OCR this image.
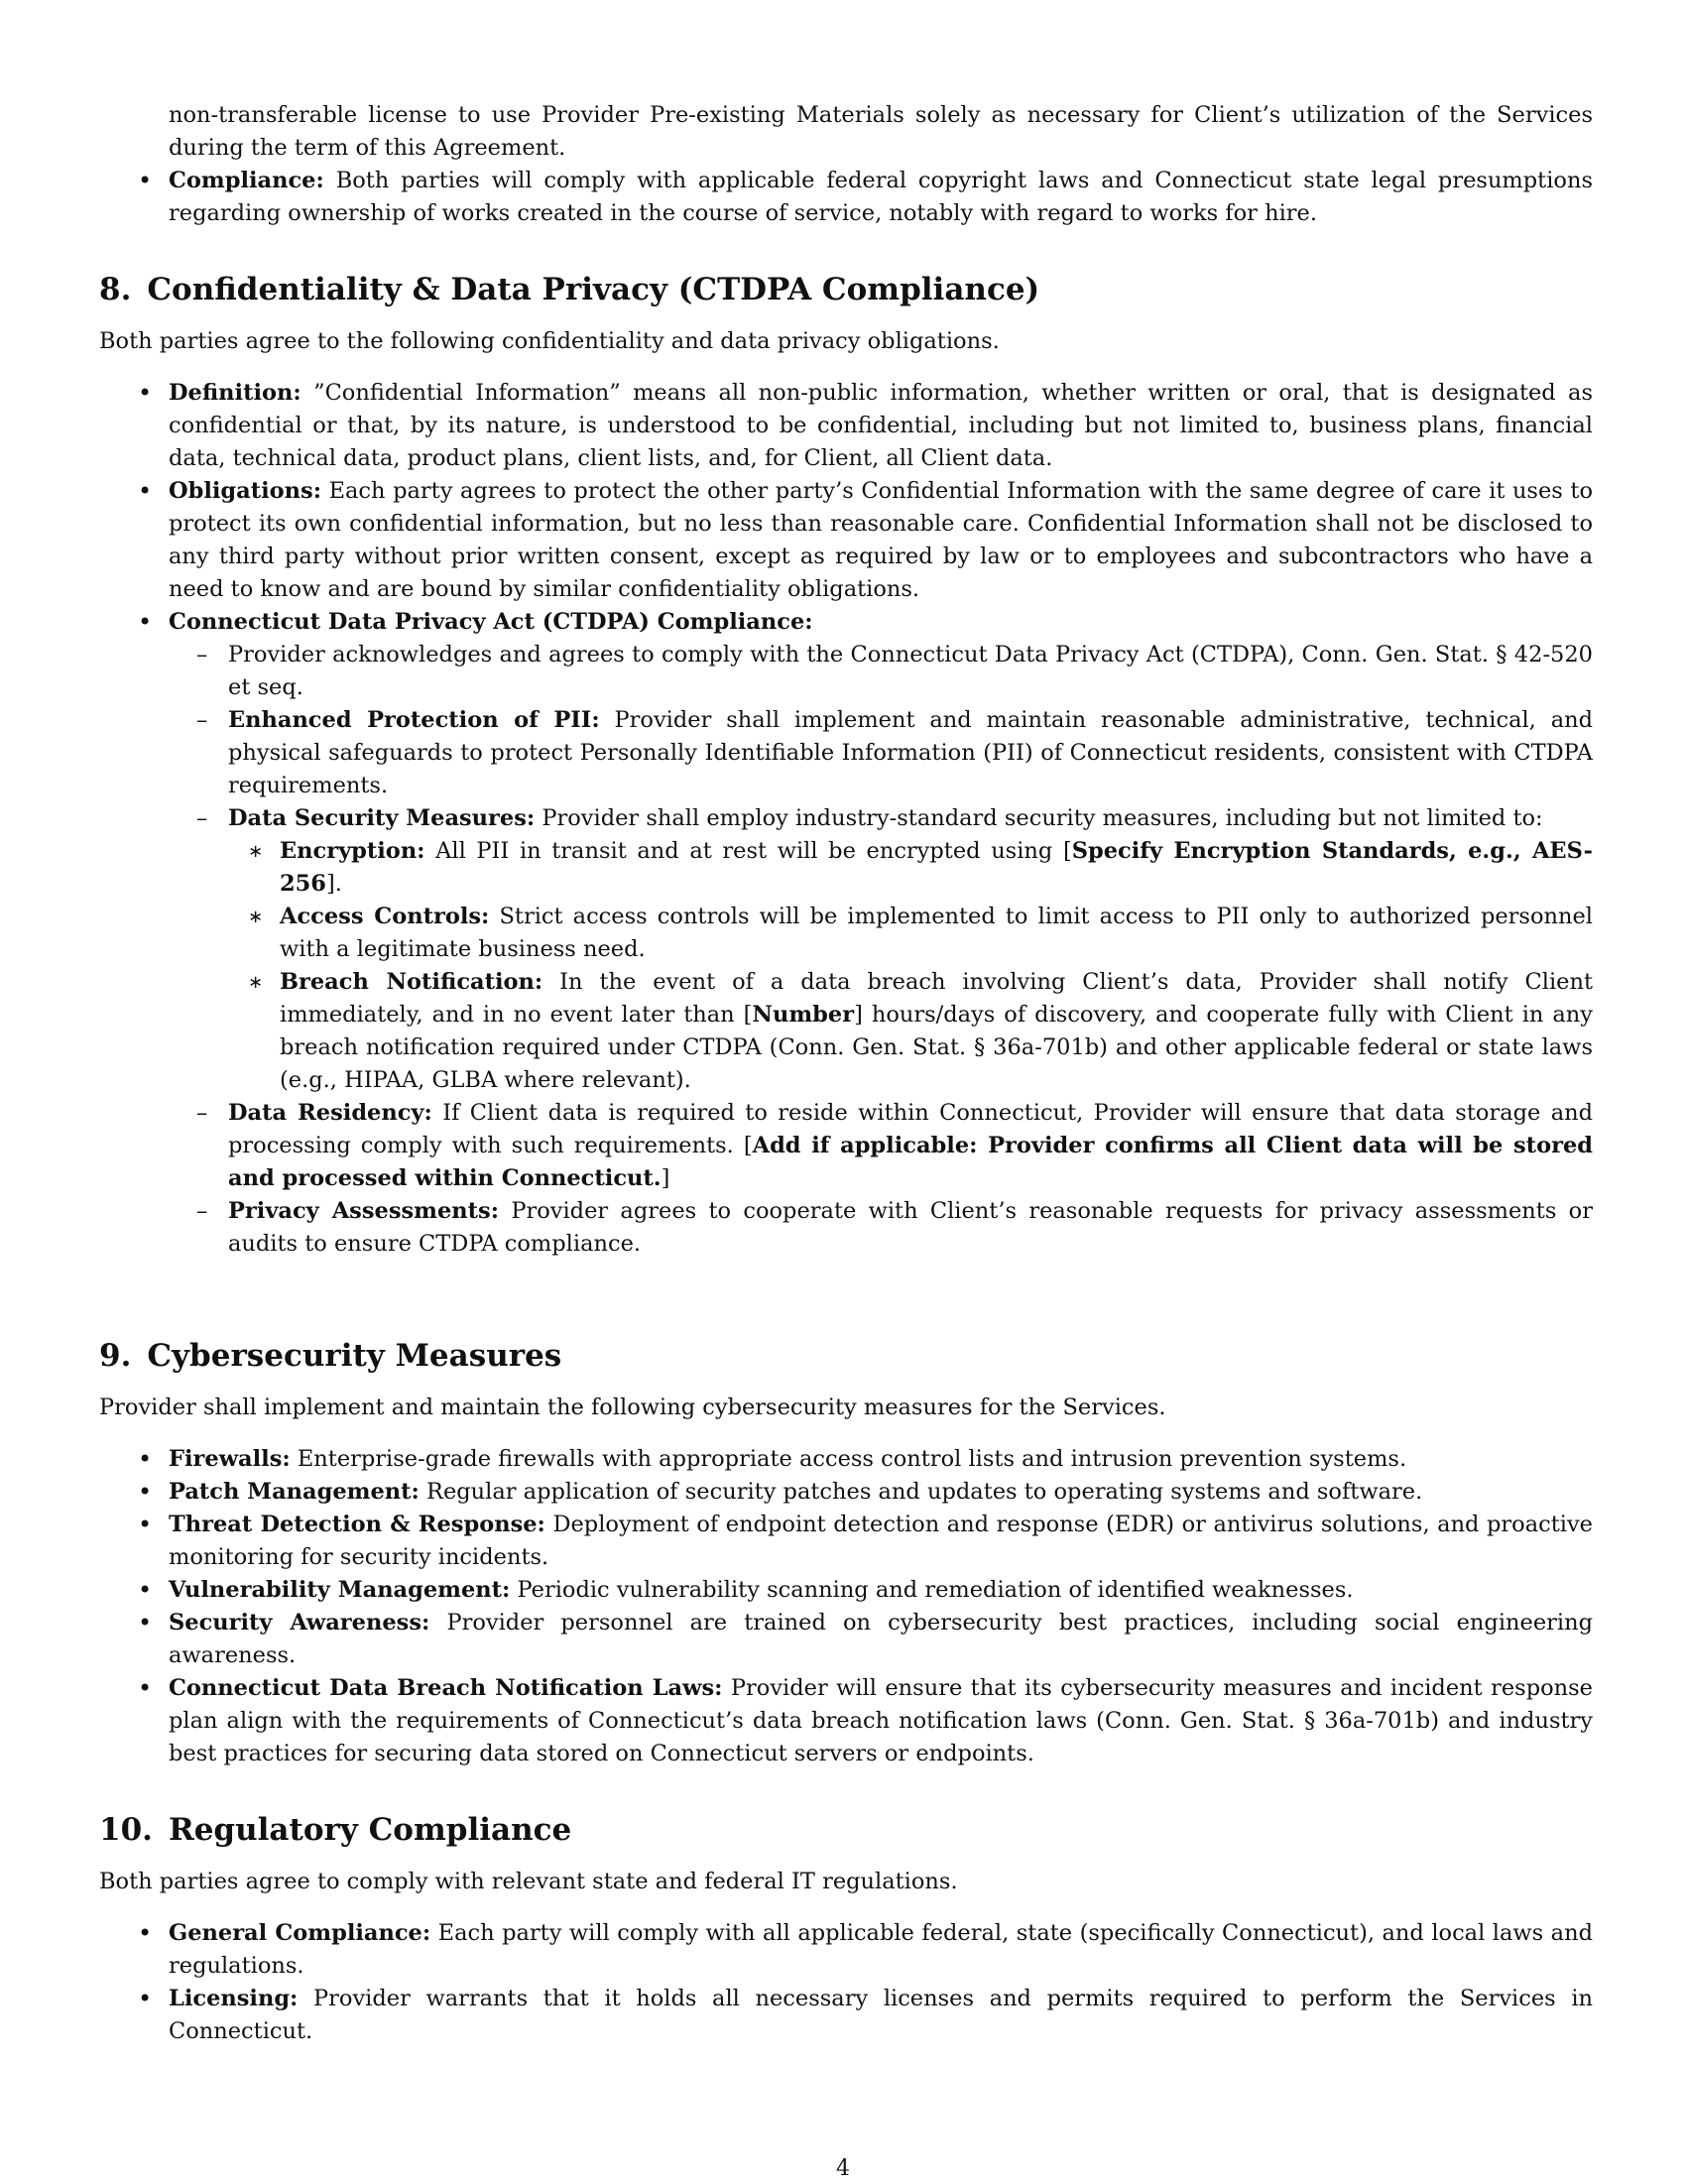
non-transferable license to use Provider Pre-existing Materials solely as necessary for Client’s utilization of the Services during the term of this Agreement.
• Compliance: Both parties will comply with applicable federal copyright laws and Connecticut state legal presumptions regarding ownership of works created in the course of service, notably with regard to works for hire.
8. Confidentiality & Data Privacy (CTDPA Compliance)
Both parties agree to the following confidentiality and data privacy obligations.
• Definition: ”Confidential Information” means all non-public information, whether written or oral, that is designated as confidential or that, by its nature, is understood to be confidential, including but not limited to, business plans, financial data, technical data, product plans, client lists, and, for Client, all Client data.
• Obligations: Each party agrees to protect the other party’s Confidential Information with the same degree of care it uses to protect its own confidential information, but no less than reasonable care. Confidential Information shall not be disclosed to any third party without prior written consent, except as required by law or to employees and subcontractors who have a need to know and are bound by similar confidentiality obligations.
• Connecticut Data Privacy Act (CTDPA) Compliance:
– Provider acknowledges and agrees to comply with the Connecticut Data Privacy Act (CTDPA), Conn. Gen. Stat. § 42-520 et seq.
– Enhanced Protection of PII: Provider shall implement and maintain reasonable administrative, technical, and physical safeguards to protect Personally Identifiable Information (PII) of Connecticut residents, consistent with CTDPA requirements.
– Data Security Measures: Provider shall employ industry-standard security measures, including but not limited to:
∗ Encryption: All PII in transit and at rest will be encrypted using [Specify Encryption Standards, e.g., AES-256].
∗ Access Controls: Strict access controls will be implemented to limit access to PII only to authorized personnel with a legitimate business need.
∗ Breach Notification: In the event of a data breach involving Client’s data, Provider shall notify Client immediately, and in no event later than [Number] hours/days of discovery, and cooperate fully with Client in any breach notification required under CTDPA (Conn. Gen. Stat. § 36a-701b) and other applicable federal or state laws (e.g., HIPAA, GLBA where relevant).
– Data Residency: If Client data is required to reside within Connecticut, Provider will ensure that data storage and processing comply with such requirements. [Add if applicable: Provider confirms all Client data will be stored and processed within Connecticut.]
– Privacy Assessments: Provider agrees to cooperate with Client’s reasonable requests for privacy assessments or audits to ensure CTDPA compliance.
9. Cybersecurity Measures
Provider shall implement and maintain the following cybersecurity measures for the Services.
• Firewalls: Enterprise-grade firewalls with appropriate access control lists and intrusion prevention systems.
• Patch Management: Regular application of security patches and updates to operating systems and software.
• Threat Detection & Response: Deployment of endpoint detection and response (EDR) or antivirus solutions, and proactive monitoring for security incidents.
• Vulnerability Management: Periodic vulnerability scanning and remediation of identified weaknesses.
• Security Awareness: Provider personnel are trained on cybersecurity best practices, including social engineering awareness.
• Connecticut Data Breach Notification Laws: Provider will ensure that its cybersecurity measures and incident response plan align with the requirements of Connecticut’s data breach notification laws (Conn. Gen. Stat. § 36a-701b) and industry best practices for securing data stored on Connecticut servers or endpoints.
10. Regulatory Compliance
Both parties agree to comply with relevant state and federal IT regulations.
• General Compliance: Each party will comply with all applicable federal, state (specifically Connecticut), and local laws and regulations.
• Licensing: Provider warrants that it holds all necessary licenses and permits required to perform the Services in Connecticut.
4
